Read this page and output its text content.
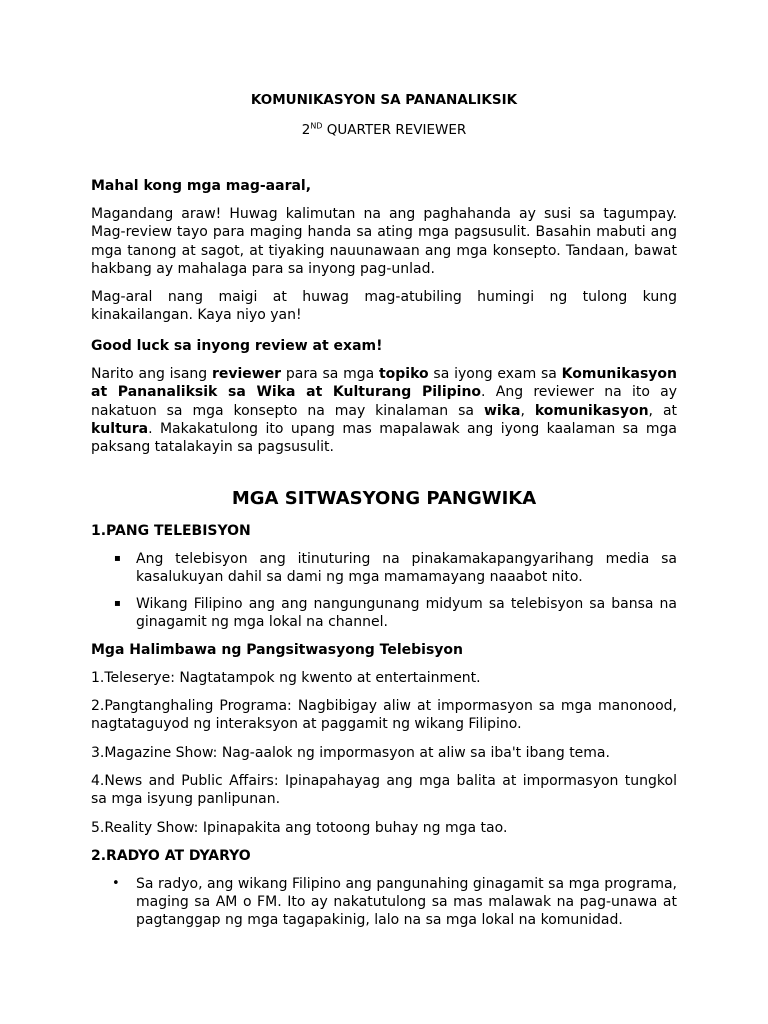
KOMUNIKASYON SA PANANALIKSIK

2ND QUARTER REVIEWER

Mahal kong mga mag-aaral,

Magandang araw! Huwag kalimutan na ang paghahanda ay susi sa tagumpay. Mag-review tayo para maging handa sa ating mga pagsusulit. Basahin mabuti ang mga tanong at sagot, at tiyaking nauunawaan ang mga konsepto. Tandaan, bawat hakbang ay mahalaga para sa inyong pag-unlad.

Mag-aral nang maigi at huwag mag-atubiling humingi ng tulong kung kinakailangan. Kaya niyo yan!

Good luck sa inyong review at exam!

Narito ang isang reviewer para sa mga topiko sa iyong exam sa Komunikasyon at Pananaliksik sa Wika at Kulturang Pilipino. Ang reviewer na ito ay nakatuon sa mga konsepto na may kinalaman sa wika, komunikasyon, at kultura. Makakatulong ito upang mas mapalawak ang iyong kaalaman sa mga paksang tatalakayin sa pagsusulit.

MGA SITWASYONG PANGWIKA

1.PANG TELEBISYON

▪ Ang telebisyon ang itinuturing na pinakamakapangyarihang media sa kasalukuyan dahil sa dami ng mga mamamayang naaabot nito.
▪ Wikang Filipino ang ang nangungunang midyum sa telebisyon sa bansa na ginagamit ng mga lokal na channel.

Mga Halimbawa ng Pangsitwasyong Telebisyon

1.Teleserye: Nagtatampok ng kwento at entertainment.

2.Pangtanghaling Programa: Nagbibigay aliw at impormasyon sa mga manonood, nagtataguyod ng interaksyon at paggamit ng wikang Filipino.

3.Magazine Show: Nag-aalok ng impormasyon at aliw sa iba't ibang tema.

4.News and Public Affairs: Ipinapahayag ang mga balita at impormasyon tungkol sa mga isyung panlipunan.

5.Reality Show: Ipinapakita ang totoong buhay ng mga tao.

2.RADYO AT DYARYO

• Sa radyo, ang wikang Filipino ang pangunahing ginagamit sa mga programa, maging sa AM o FM. Ito ay nakatutulong sa mas malawak na pag-unawa at pagtanggap ng mga tagapakinig, lalo na sa mga lokal na komunidad.
